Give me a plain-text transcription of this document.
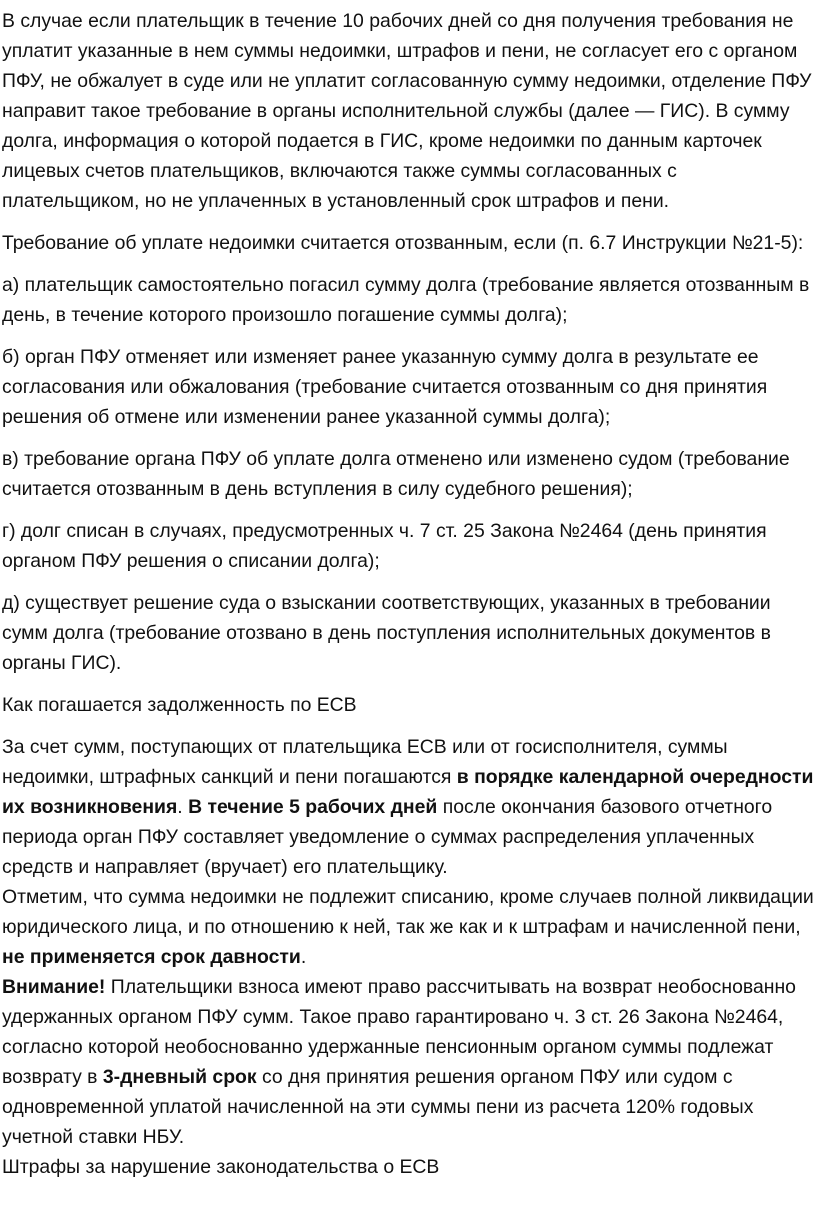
В случае если плательщик в течение 10 рабочих дней со дня получения требования не уплатит указанные в нем суммы недоимки, штрафов и пени, не согласует его с органом ПФУ, не обжалует в суде или не уплатит согласованную сумму недоимки, отделение ПФУ направит такое требование в органы исполнительной службы (далее — ГИС). В сумму долга, информация о которой подается в ГИС, кроме недоимки по данным карточек лицевых счетов плательщиков, включаются также суммы согласованных с плательщиком, но не уплаченных в установленный срок штрафов и пени.

Требование об уплате недоимки считается отозванным, если (п. 6.7 Инструкции №21-5):

а) плательщик самостоятельно погасил сумму долга (требование является отозванным в день, в течение которого произошло погашение суммы долга);

б) орган ПФУ отменяет или изменяет ранее указанную сумму долга в результате ее согласования или обжалования (требование считается отозванным со дня принятия решения об отмене или изменении ранее указанной суммы долга);

в) требование органа ПФУ об уплате долга отменено или изменено судом (требование считается отозванным в день вступления в силу судебного решения);

г) долг списан в случаях, предусмотренных ч. 7 ст. 25 Закона №2464 (день принятия органом ПФУ решения о списании долга);

д) существует решение суда о взыскании соответствующих, указанных в требовании сумм долга (требование отозвано в день поступления исполнительных документов в органы ГИС).

Как погашается задолженность по ЕСВ

За счет сумм, поступающих от плательщика ЕСВ или от госисполнителя, суммы недоимки, штрафных санкций и пени погашаются в порядке календарной очередности их возникновения. В течение 5 рабочих дней после окончания базового отчетного периода орган ПФУ составляет уведомление о суммах распределения уплаченных средств и направляет (вручает) его плательщику.

Отметим, что сумма недоимки не подлежит списанию, кроме случаев полной ликвидации юридического лица, и по отношению к ней, так же как и к штрафам и начисленной пени, не применяется срок давности.

Внимание! Плательщики взноса имеют право рассчитывать на возврат необоснованно удержанных органом ПФУ сумм. Такое право гарантировано ч. 3 ст. 26 Закона №2464, согласно которой необоснованно удержанные пенсионным органом суммы подлежат возврату в 3-дневный срок со дня принятия решения органом ПФУ или судом с одновременной уплатой начисленной на эти суммы пени из расчета 120% годовых учетной ставки НБУ.

Штрафы за нарушение законодательства о ЕСВ
